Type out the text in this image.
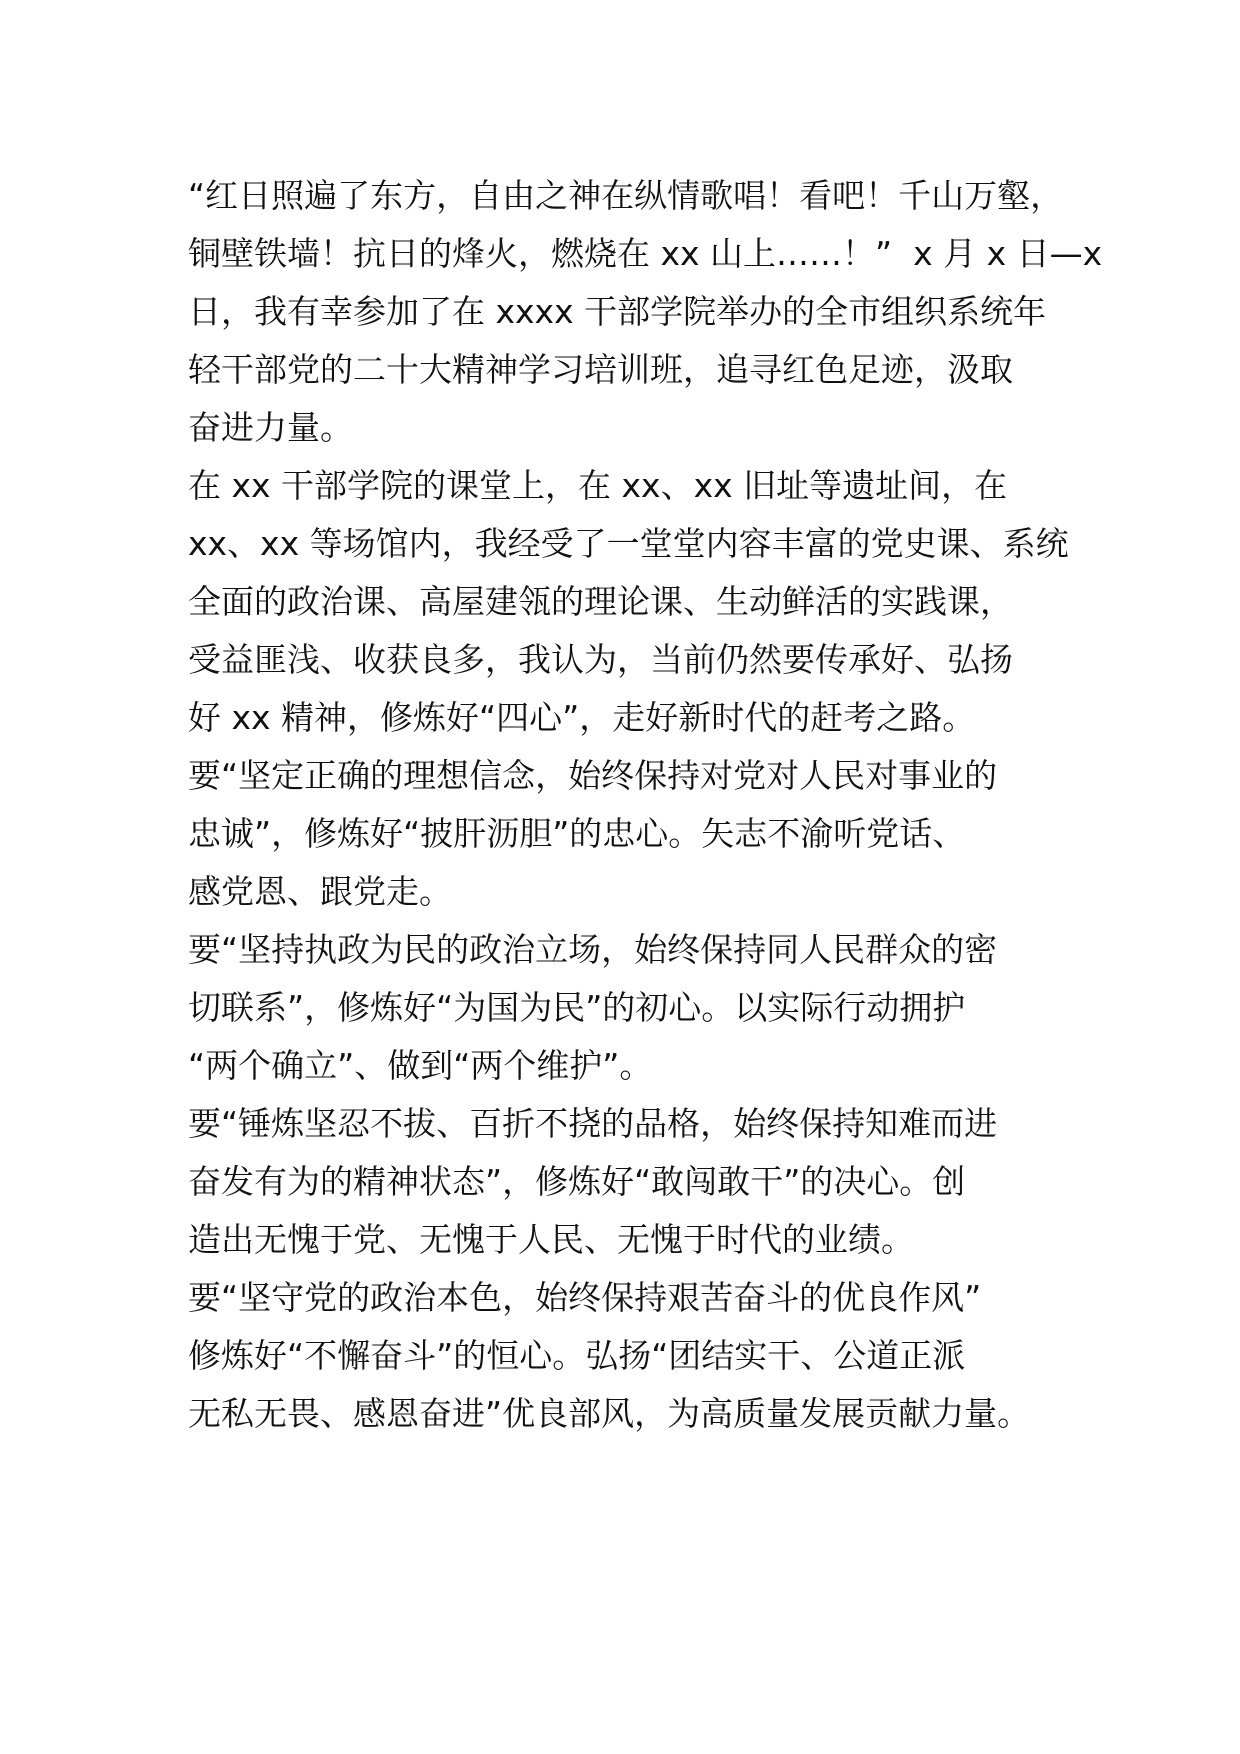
“红日照遍了东方，自由之神在纵情歌唱！看吧！千山万壑，

铜壁铁墙！抗日的烽火，燃烧在 xx 山上……！”  x 月 x 日—x

日，我有幸参加了在 xxxx 干部学院举办的全市组织系统年

轻干部党的二十大精神学习培训班，追寻红色足迹，汲取

奋进力量。

在 xx 干部学院的课堂上，在 xx、xx 旧址等遗址间，在

xx、xx 等场馆内，我经受了一堂堂内容丰富的党史课、系统

全面的政治课、高屋建瓴的理论课、生动鲜活的实践课，

受益匪浅、收获良多，我认为，当前仍然要传承好、弘扬

好 xx 精神，修炼好“四心”，走好新时代的赶考之路。

要“坚定正确的理想信念，始终保持对党对人民对事业的

忠诚”，修炼好“披肝沥胆”的忠心。矢志不渝听党话、

感党恩、跟党走。

要“坚持执政为民的政治立场，始终保持同人民群众的密

切联系”，修炼好“为国为民”的初心。以实际行动拥护

“两个确立”、做到“两个维护”。

要“锤炼坚忍不拔、百折不挠的品格，始终保持知难而进

奋发有为的精神状态”，修炼好“敢闯敢干”的决心。创

造出无愧于党、无愧于人民、无愧于时代的业绩。

要“坚守党的政治本色，始终保持艰苦奋斗的优良作风”

修炼好“不懈奋斗”的恒心。弘扬“团结实干、公道正派

无私无畏、感恩奋进”优良部风，为高质量发展贡献力量。
